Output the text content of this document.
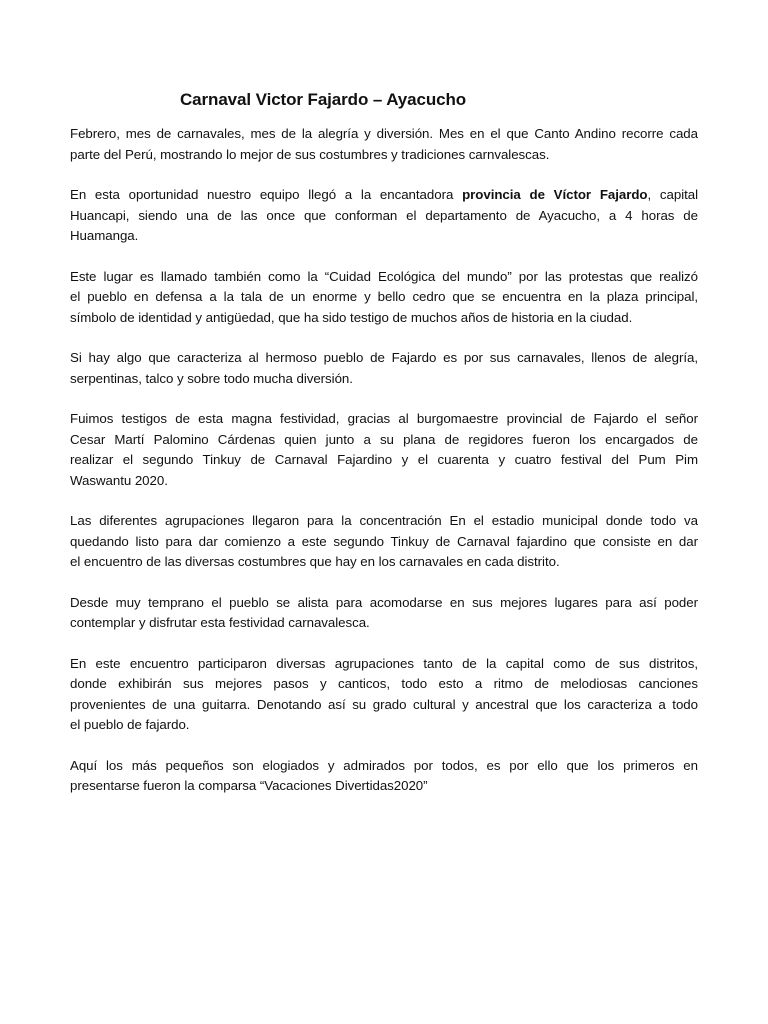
Carnaval Victor Fajardo – Ayacucho

Febrero, mes de carnavales, mes de la alegría y diversión. Mes en el que Canto Andino recorre cada
parte del Perú, mostrando lo mejor de sus costumbres y tradiciones carnvalescas.

En esta oportunidad nuestro equipo llegó a la encantadora provincia de Víctor Fajardo, capital
Huancapi, siendo una de las once que conforman el departamento de Ayacucho, a 4 horas de
Huamanga.

Este lugar es llamado también como la “Cuidad Ecológica del mundo” por las protestas que realizó
el pueblo en defensa a la tala de un enorme y bello cedro que se encuentra en la plaza principal,
símbolo de identidad y antigüedad, que ha sido testigo de muchos años de historia en la ciudad.

Si hay algo que caracteriza al hermoso pueblo de Fajardo es por sus carnavales, llenos de alegría,
serpentinas, talco y sobre todo mucha diversión.

Fuimos testigos de esta magna festividad, gracias al burgomaestre provincial de Fajardo el señor
Cesar Martí Palomino Cárdenas quien junto a su plana de regidores fueron los encargados de
realizar el segundo Tinkuy de Carnaval Fajardino y el cuarenta y cuatro festival del Pum Pim
Waswantu 2020.

Las diferentes agrupaciones llegaron para la concentración En el estadio municipal donde todo va
quedando listo para dar comienzo a este segundo Tinkuy de Carnaval fajardino que consiste en dar
el encuentro de las diversas costumbres que hay en los carnavales en cada distrito.

Desde muy temprano el pueblo se alista para acomodarse en sus mejores lugares para así poder
contemplar y disfrutar esta festividad carnavalesca.

En este encuentro participaron diversas agrupaciones tanto de la capital como de sus distritos,
donde exhibirán sus mejores pasos y canticos, todo esto a ritmo de melodiosas canciones
provenientes de una guitarra. Denotando así su grado cultural y ancestral que los caracteriza a todo
el pueblo de fajardo.

Aquí los más pequeños son elogiados y admirados por todos, es por ello que los primeros en
presentarse fueron la comparsa “Vacaciones Divertidas2020”
